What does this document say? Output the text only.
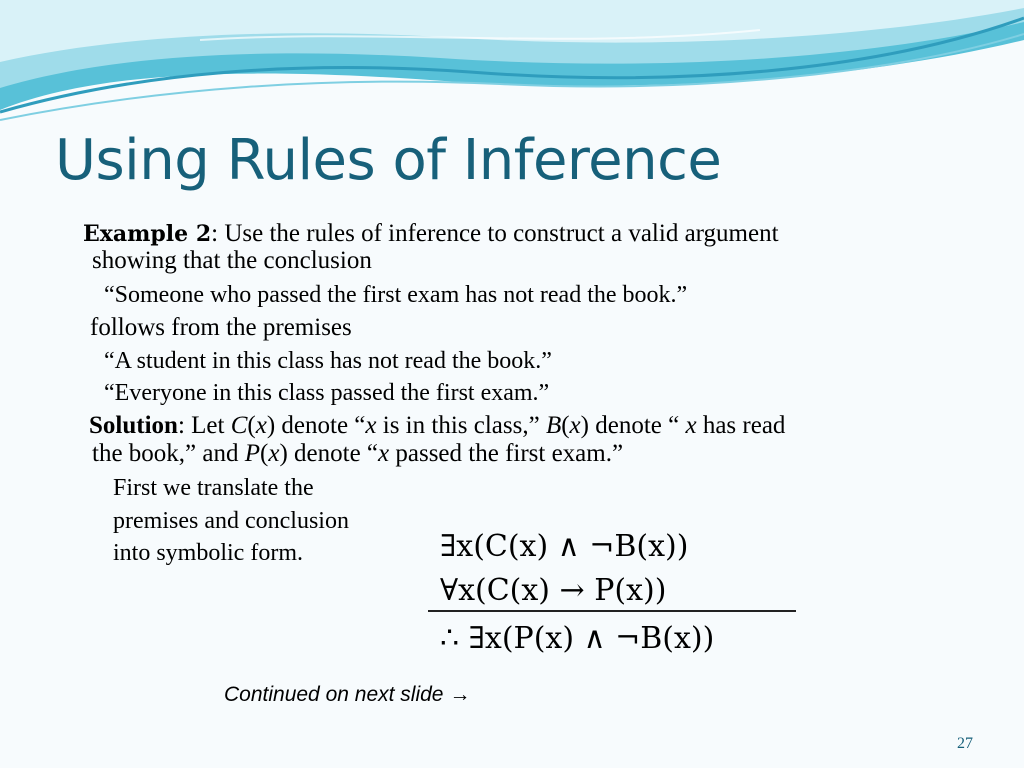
Using Rules of Inference
Example 2: Use the rules of inference to construct a valid argument
showing that the conclusion
“Someone who passed the first exam has not read the book.”
follows from the premises
“A student in this class has not read the book.”
“Everyone in this class passed the first exam.”
Solution: Let C(x) denote “x is in this class,” B(x) denote “ x has read
the book,” and P(x) denote “x passed the first exam.”
First we translate the
premises and conclusion
into symbolic form.	∃x(C(x) ∧ ¬B(x))
∀x(C(x) → P(x))
∴ ∃x(P(x) ∧ ¬B(x))
Continued on next slide →
27
